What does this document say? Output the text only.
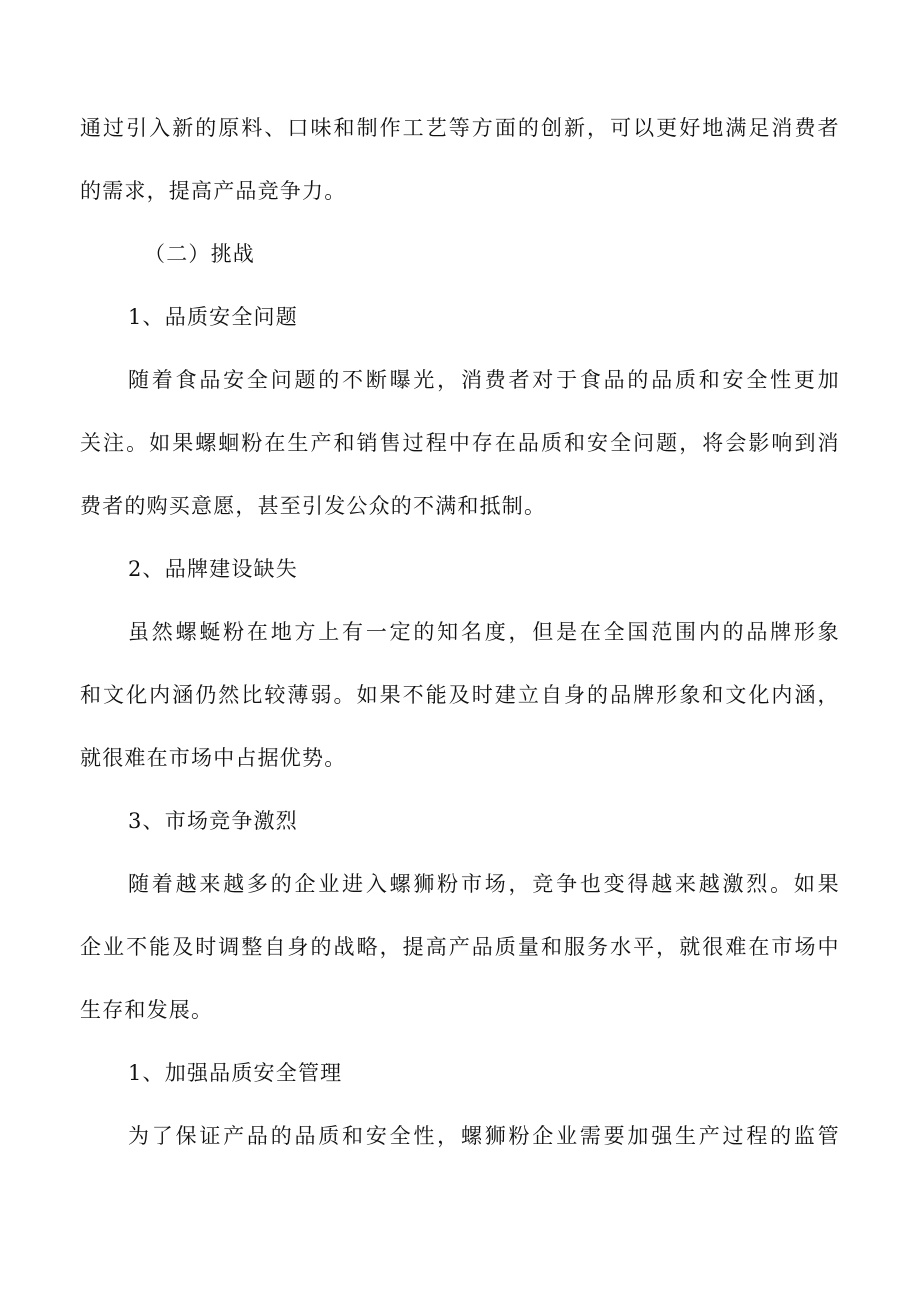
通 过 引 入 新 的 原 料 、 口 味 和 制 作 工 艺 等 方 面 的 创 新 ， 可 以 更 好 地 满 足 消 费 者
的需求，提高产品竞争力。
（二）挑战
1、品质安全问题
随 着 食 品 安 全 问 题 的 不 断 曝 光 ， 消 费 者 对 于 食 品 的 品 质 和 安 全 性 更 加
关 注 。 如 果 螺 蛔 粉 在 生 产 和 销 售 过 程 中 存 在 品 质 和 安 全 问 题 ， 将 会 影 响 到 消
费者的购买意愿，甚至引发公众的不满和抵制。
2、品牌建设缺失
虽 然 螺 蜒 粉 在 地 方 上 有 一 定 的 知 名 度 ， 但 是 在 全 国 范 围 内 的 品 牌 形 象
和 文 化 内 涵 仍 然 比 较 薄 弱 。 如 果 不 能 及 时 建 立 自 身 的 品 牌 形 象 和 文 化 内 涵 ，
就很难在市场中占据优势。
3、市场竞争激烈
随 着 越 来 越 多 的 企 业 进 入 螺 狮 粉 市 场 ， 竞 争 也 变 得 越 来 越 激 烈 。 如 果
企 业 不 能 及 时 调 整 自 身 的 战 略 ， 提 高 产 品 质 量 和 服 务 水 平 ， 就 很 难 在 市 场 中
生存和发展。
1、加强品质安全管理
为 了 保 证 产 品 的 品 质 和 安 全 性 ， 螺 狮 粉 企 业 需 要 加 强 生 产 过 程 的 监 管
